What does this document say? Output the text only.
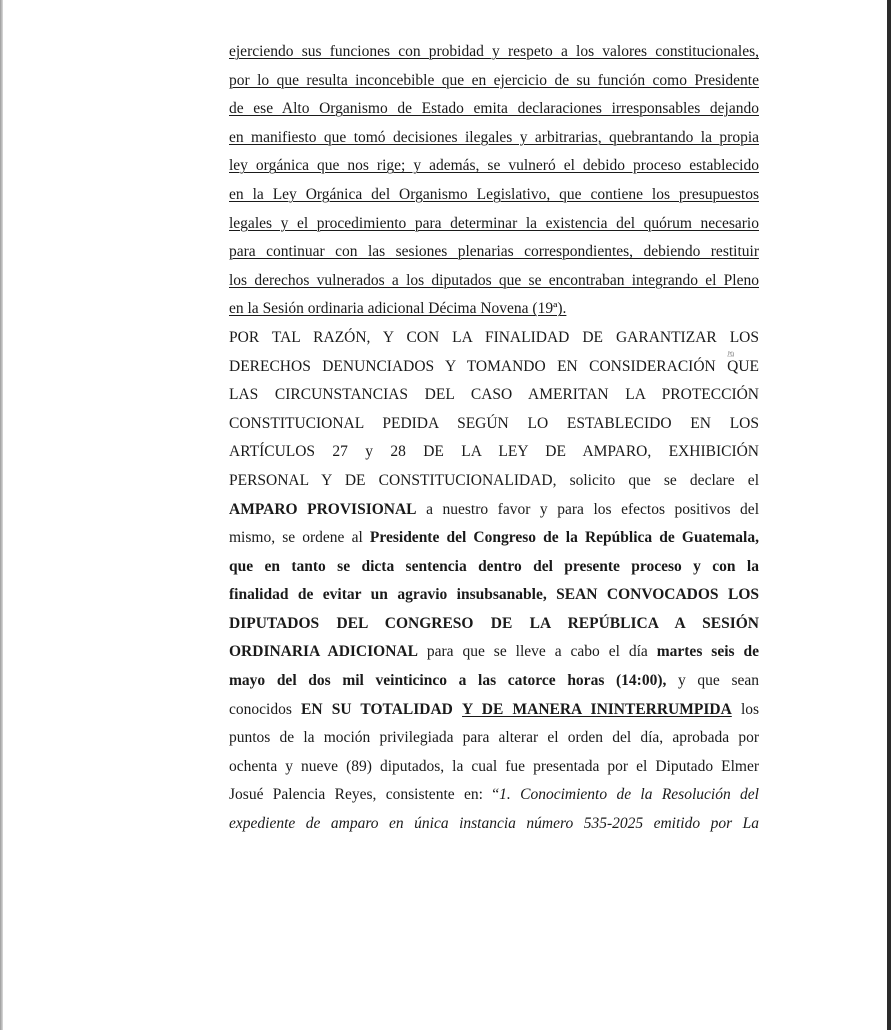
ejerciendo sus funciones con probidad y respeto a los valores constitucionales,
por lo que resulta inconcebible que en ejercicio de su función como Presidente
de ese Alto Organismo de Estado emita declaraciones irresponsables dejando
en manifiesto que tomó decisiones ilegales y arbitrarias, quebrantando la propia
ley orgánica que nos rige; y además, se vulneró el debido proceso establecido
en la Ley Orgánica del Organismo Legislativo, que contiene los presupuestos
legales y el procedimiento para determinar la existencia del quórum necesario
para continuar con las sesiones plenarias correspondientes, debiendo restituir
los derechos vulnerados a los diputados que se encontraban integrando el Pleno
en la Sesión ordinaria adicional Décima Novena (19ª).
POR TAL RAZÓN, Y CON LA FINALIDAD DE GARANTIZAR LOS
DERECHOS DENUNCIADOS Y TOMANDO EN CONSIDERACIÓN QUE
LAS CIRCUNSTANCIAS DEL CASO AMERITAN LA PROTECCIÓN
CONSTITUCIONAL PEDIDA SEGÚN LO ESTABLECIDO EN LOS
ARTÍCULOS 27 y 28 DE LA LEY DE AMPARO, EXHIBICIÓN
PERSONAL Y DE CONSTITUCIONALIDAD, solicito que se declare el
AMPARO PROVISIONAL a nuestro favor y para los efectos positivos del
mismo, se ordene al Presidente del Congreso de la República de Guatemala,
que en tanto se dicta sentencia dentro del presente proceso y con la
finalidad de evitar un agravio insubsanable, SEAN CONVOCADOS LOS
DIPUTADOS DEL CONGRESO DE LA REPÚBLICA A SESIÓN
ORDINARIA ADICIONAL para que se lleve a cabo el día martes seis de
mayo del dos mil veinticinco a las catorce horas (14:00), y que sean
conocidos EN SU TOTALIDAD Y DE MANERA ININTERRUMPIDA los
puntos de la moción privilegiada para alterar el orden del día, aprobada por
ochenta y nueve (89) diputados, la cual fue presentada por el Diputado Elmer
Josué Palencia Reyes, consistente en: “1. Conocimiento de la Resolución del
expediente de amparo en única instancia número 535-2025 emitido por La
ཐ
